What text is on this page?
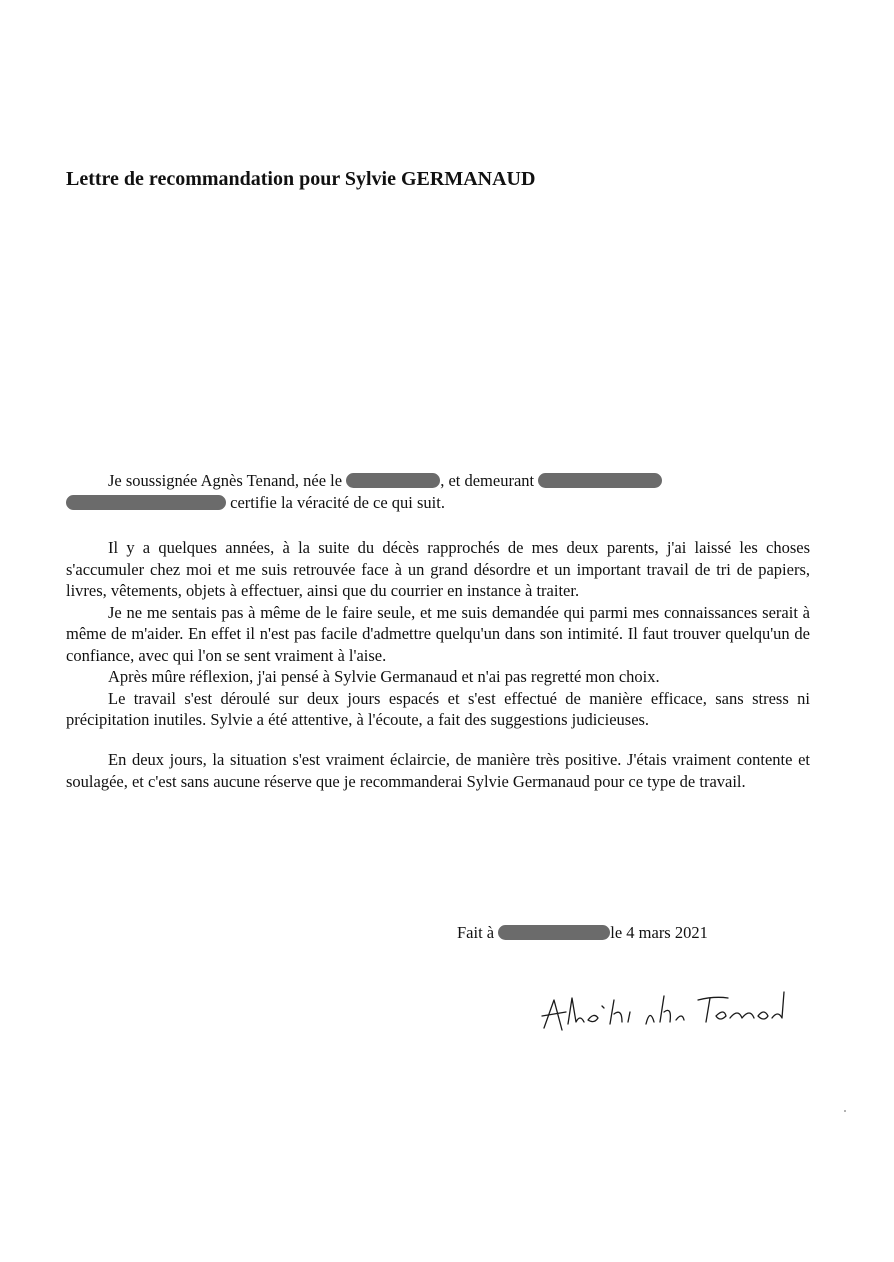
Lettre de recommandation pour Sylvie GERMANAUD

Je soussignée Agnès Tenand, née le	, et demeurant
certifie la véracité de ce qui suit.

Il y a quelques années, à la suite du décès rapprochés de mes deux parents, j'ai laissé les choses s'accumuler chez moi et me suis retrouvée face à un grand désordre et un important travail de tri de papiers, livres, vêtements, objets à effectuer, ainsi que du courrier en instance à traiter.

Je ne me sentais pas à même de le faire seule, et me suis demandée qui parmi mes connaissances serait à même de m'aider. En effet il n'est pas facile d'admettre quelqu'un dans son intimité. Il faut trouver quelqu'un de confiance, avec qui l'on se sent vraiment à l'aise.

Après mûre réflexion, j'ai pensé à Sylvie Germanaud et n'ai pas regretté mon choix.

Le travail s'est déroulé sur deux jours espacés et s'est effectué de manière efficace, sans stress ni précipitation inutiles. Sylvie a été attentive, à l'écoute, a fait des suggestions judicieuses.

En deux jours, la situation s'est vraiment éclaircie, de manière très positive. J'étais vraiment contente et soulagée, et c'est sans aucune réserve que je recommanderai Sylvie Germanaud pour ce type de travail.

Fait à	le 4 mars 2021
